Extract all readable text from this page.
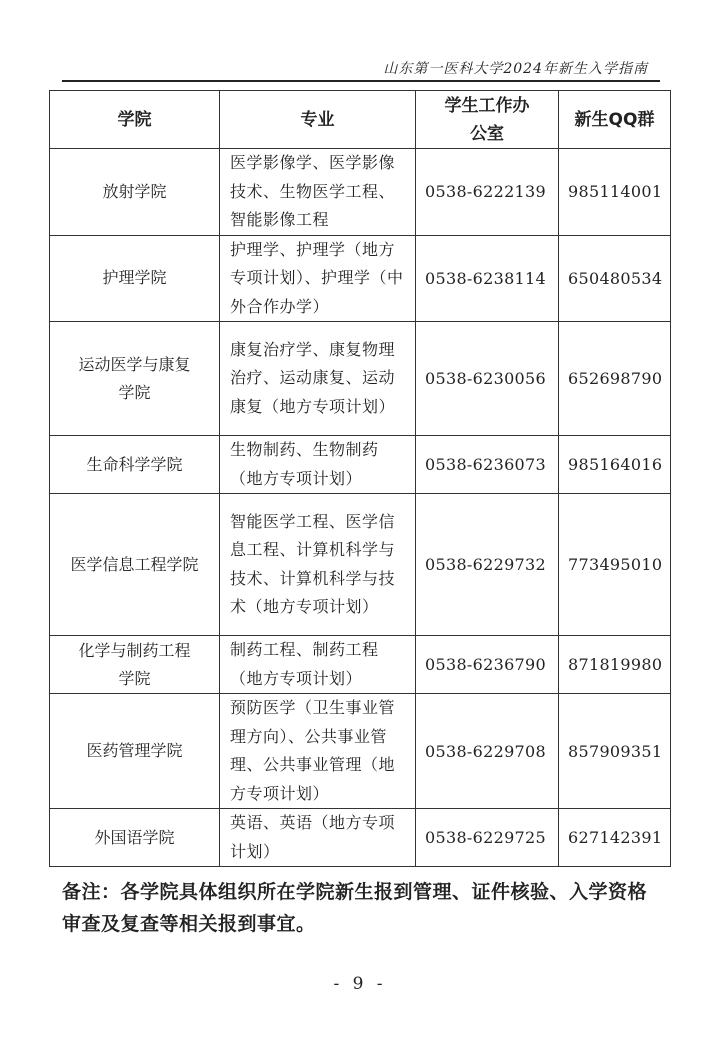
山东第一医科大学2024年新生入学指南
学院	专业	学生工作办公室	新生QQ群
放射学院	医学影像学、医学影像技术、生物医学工程、智能影像工程	0538-6222139	985114001
护理学院	护理学、护理学（地方专项计划）、护理学（中外合作办学）	0538-6238114	650480534
运动医学与康复学院	康复治疗学、康复物理治疗、运动康复、运动康复（地方专项计划）	0538-6230056	652698790
生命科学学院	生物制药、生物制药（地方专项计划）	0538-6236073	985164016
医学信息工程学院	智能医学工程、医学信息工程、计算机科学与技术、计算机科学与技术（地方专项计划）	0538-6229732	773495010
化学与制药工程学院	制药工程、制药工程（地方专项计划）	0538-6236790	871819980
医药管理学院	预防医学（卫生事业管理方向）、公共事业管理、公共事业管理（地方专项计划）	0538-6229708	857909351
外国语学院	英语、英语（地方专项计划）	0538-6229725	627142391
备注：各学院具体组织所在学院新生报到管理、证件核验、入学资格审查及复查等相关报到事宜。
- 9 -
